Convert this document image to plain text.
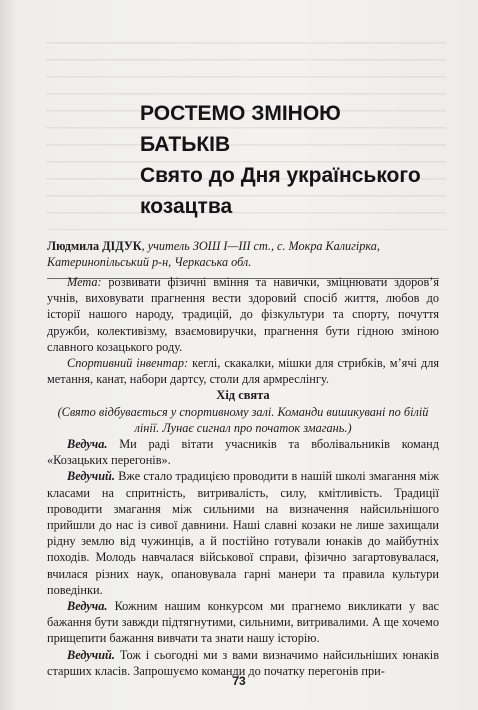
РОСТЕМО ЗМІНОЮ
БАТЬКІВ
Свято до Дня українського
козацтва
Людмила ДІДУК, учитель ЗОШ І—ІІІ ст., с. Мокра Калигірка, Катеринопільський р-н, Черкаська обл.

Мета: розвивати фізичні вміння та навички, зміцнювати здоров’я учнів, виховувати прагнення вести здоровий спосіб життя, любов до історії нашого народу, традицій, до фізкультури та спорту, почуття дружби, колективізму, взаємовиручки, прагнення бути гідною зміною славного козацького роду.

Спортивний інвентар: кеглі, скакалки, мішки для стрибків, м’ячі для метання, канат, набори дартсу, столи для армреслінгу.

Хід свята

(Свято відбувається у спортивному залі. Команди вишикувані по білій лінії. Лунає сигнал про початок змагань.)

Ведуча. Ми раді вітати учасників та вболівальників команд «Козацьких перегонів».

Ведучий. Вже стало традицією проводити в нашій школі змагання між класами на спритність, витривалість, силу, кмітливість. Традиції проводити змагання між сильними на визначення найсильнішого прийшли до нас із сивої давнини. Наші славні козаки не лише захищали рідну землю від чужинців, а й постійно готували юнаків до майбутніх походів. Молодь навчалася військової справи, фізично загартовувалася, вчилася різних наук, опановувала гарні манери та правила культури поведінки.

Ведуча. Кожним нашим конкурсом ми прагнемо викликати у вас бажання бути завжди підтягнутими, сильними, витривалими. А ще хочемо прищепити бажання вивчати та знати нашу історію.

Ведучий. Тож і сьогодні ми з вами визначимо найсильніших юнаків старших класів. Запрошуємо команди до початку перегонів при-

73
